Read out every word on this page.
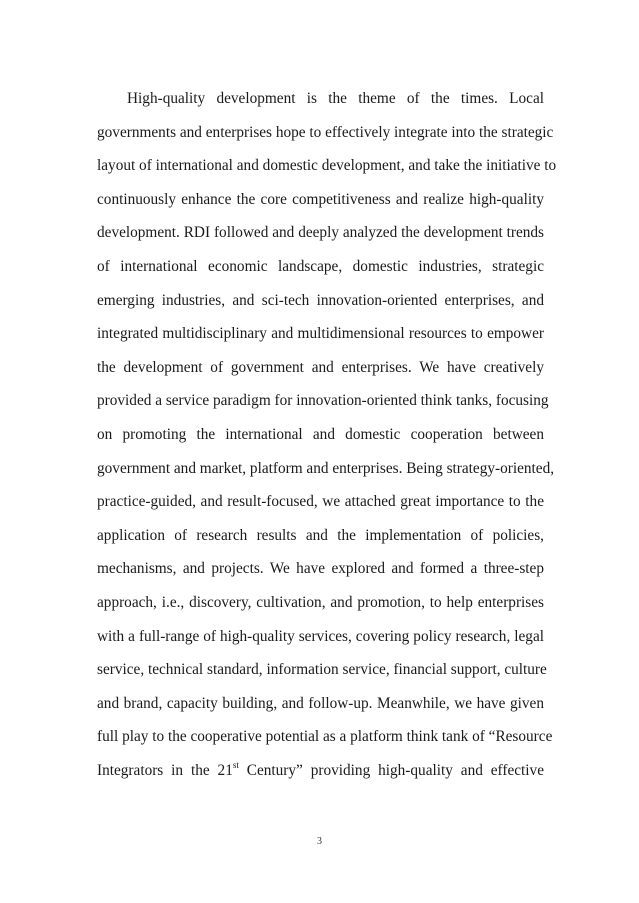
High-quality development is the theme of the times. Local
governments and enterprises hope to effectively integrate into the strategic
layout of international and domestic development, and take the initiative to
continuously enhance the core competitiveness and realize high-quality
development. RDI followed and deeply analyzed the development trends
of international economic landscape, domestic industries, strategic
emerging industries, and sci-tech innovation-oriented enterprises, and
integrated multidisciplinary and multidimensional resources to empower
the development of government and enterprises. We have creatively
provided a service paradigm for innovation-oriented think tanks, focusing
on promoting the international and domestic cooperation between
government and market, platform and enterprises. Being strategy-oriented,
practice-guided, and result-focused, we attached great importance to the
application of research results and the implementation of policies,
mechanisms, and projects. We have explored and formed a three-step
approach, i.e., discovery, cultivation, and promotion, to help enterprises
with a full-range of high-quality services, covering policy research, legal
service, technical standard, information service, financial support, culture
and brand, capacity building, and follow-up. Meanwhile, we have given
full play to the cooperative potential as a platform think tank of “Resource
Integrators in the 21st Century” providing high-quality and effective
3
